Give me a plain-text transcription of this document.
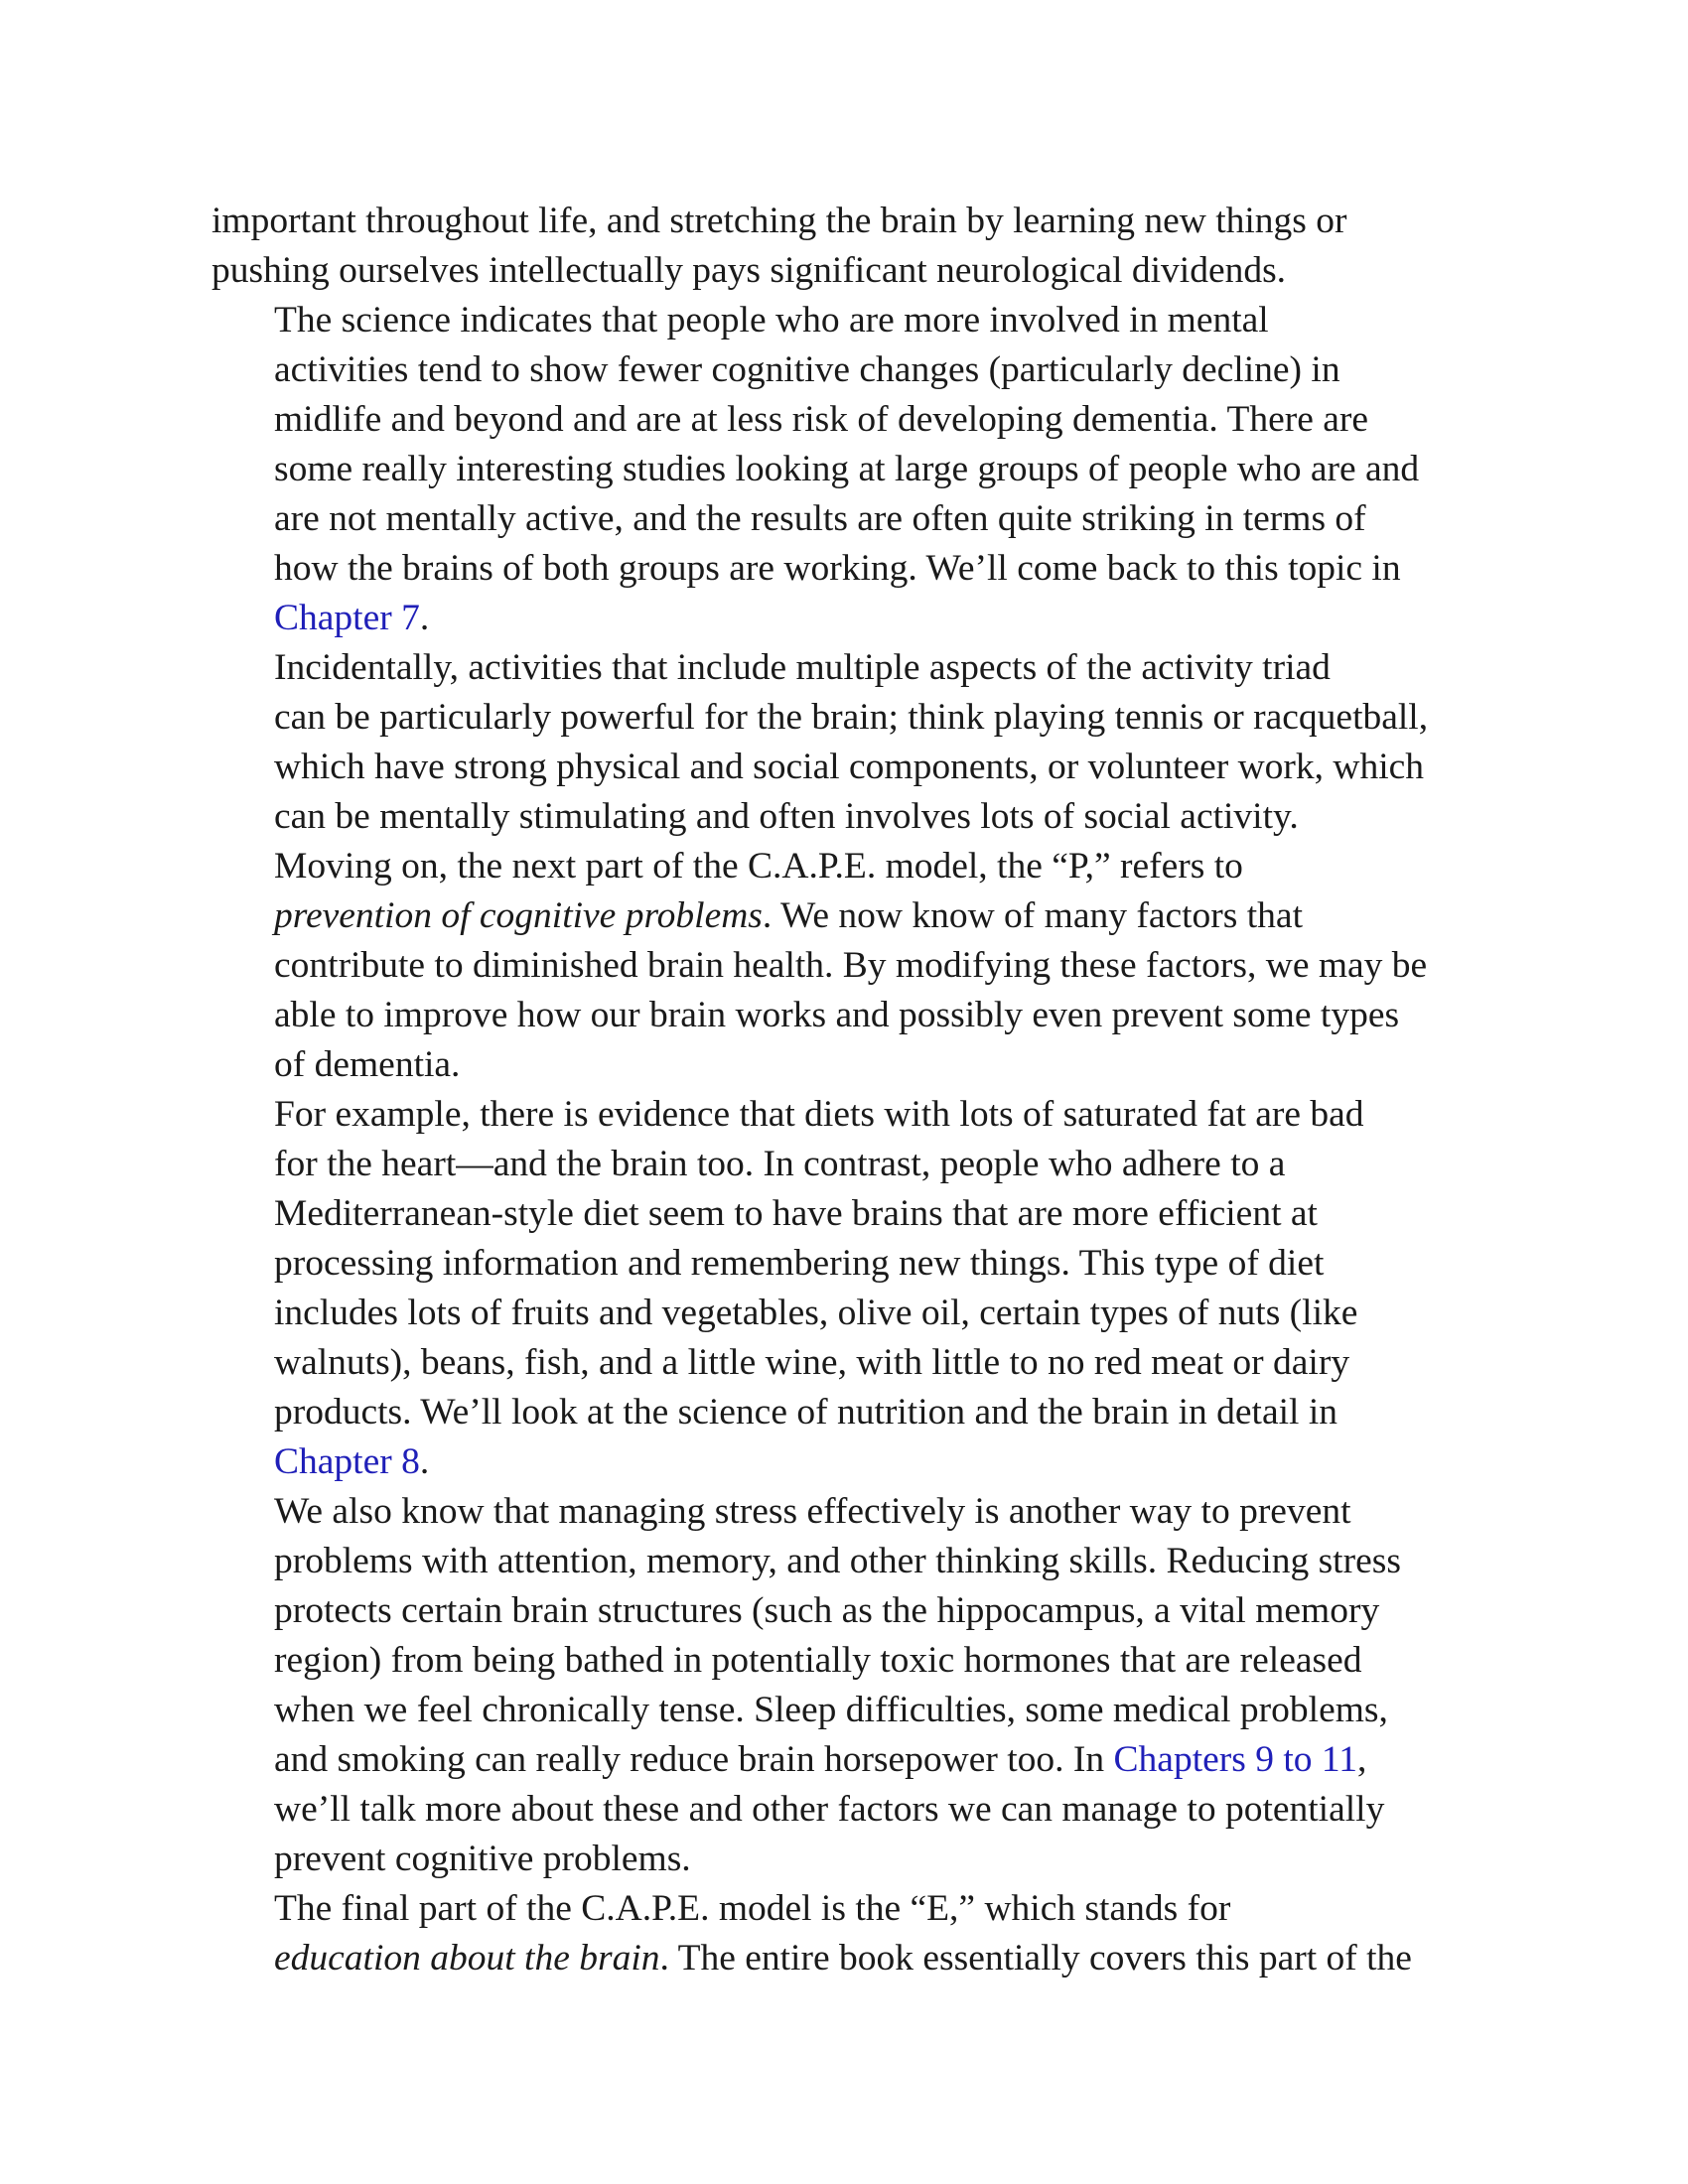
important throughout life, and stretching the brain by learning new things or
pushing ourselves intellectually pays significant neurological dividends.

The science indicates that people who are more involved in mental
activities tend to show fewer cognitive changes (particularly decline) in
midlife and beyond and are at less risk of developing dementia. There are
some really interesting studies looking at large groups of people who are and
are not mentally active, and the results are often quite striking in terms of
how the brains of both groups are working. We’ll come back to this topic in
Chapter 7.

Incidentally, activities that include multiple aspects of the activity triad
can be particularly powerful for the brain; think playing tennis or racquetball,
which have strong physical and social components, or volunteer work, which
can be mentally stimulating and often involves lots of social activity.

Moving on, the next part of the C.A.P.E. model, the “P,” refers to
prevention of cognitive problems. We now know of many factors that
contribute to diminished brain health. By modifying these factors, we may be
able to improve how our brain works and possibly even prevent some types
of dementia.

For example, there is evidence that diets with lots of saturated fat are bad
for the heart—and the brain too. In contrast, people who adhere to a
Mediterranean-style diet seem to have brains that are more efficient at
processing information and remembering new things. This type of diet
includes lots of fruits and vegetables, olive oil, certain types of nuts (like
walnuts), beans, fish, and a little wine, with little to no red meat or dairy
products. We’ll look at the science of nutrition and the brain in detail in
Chapter 8.

We also know that managing stress effectively is another way to prevent
problems with attention, memory, and other thinking skills. Reducing stress
protects certain brain structures (such as the hippocampus, a vital memory
region) from being bathed in potentially toxic hormones that are released
when we feel chronically tense. Sleep difficulties, some medical problems,
and smoking can really reduce brain horsepower too. In Chapters 9 to 11,
we’ll talk more about these and other factors we can manage to potentially
prevent cognitive problems.

The final part of the C.A.P.E. model is the “E,” which stands for
education about the brain. The entire book essentially covers this part of the
